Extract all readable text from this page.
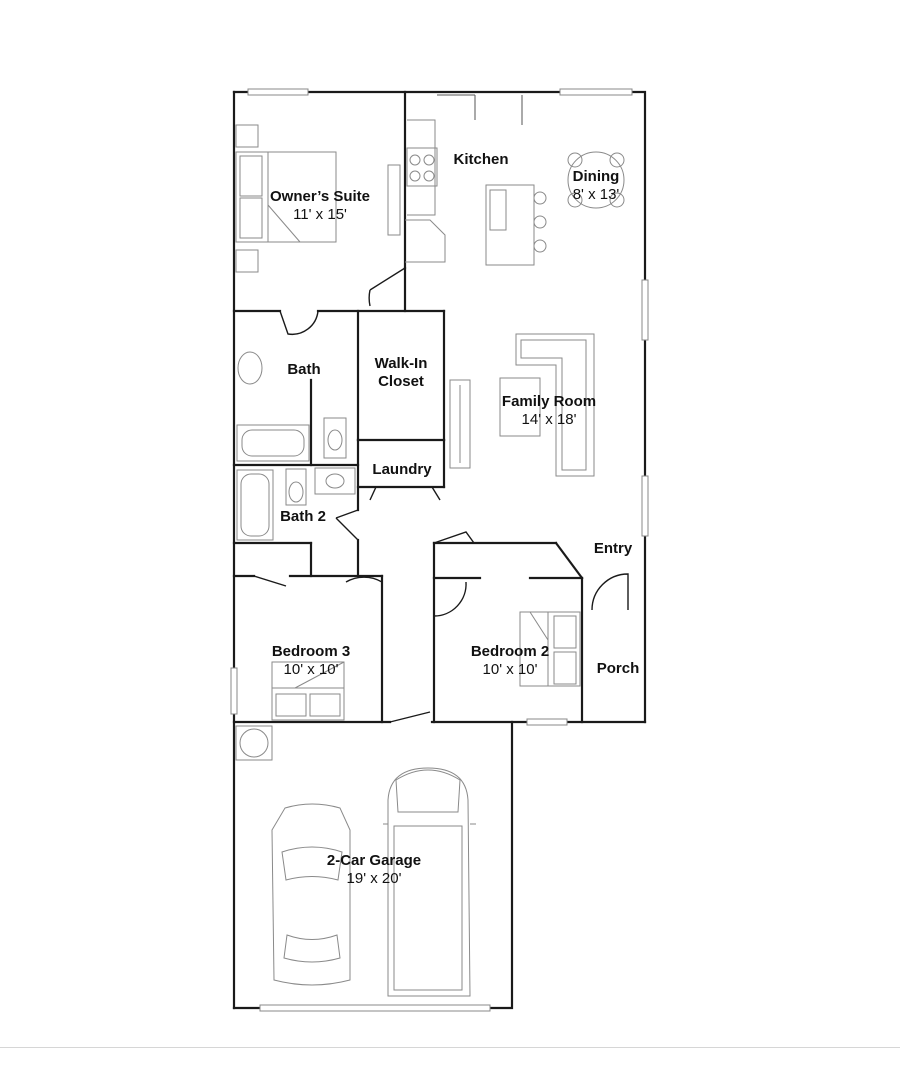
Owner’s Suite
11' x 15'
Kitchen
Dining
8' x 13'
Bath	Walk-In Closet
Family Room
14' x 18'
Laundry
Bath 2
Entry
Bedroom 3
10' x 10'
Bedroom 2
10' x 10'	Porch
2-Car Garage
19' x 20'
